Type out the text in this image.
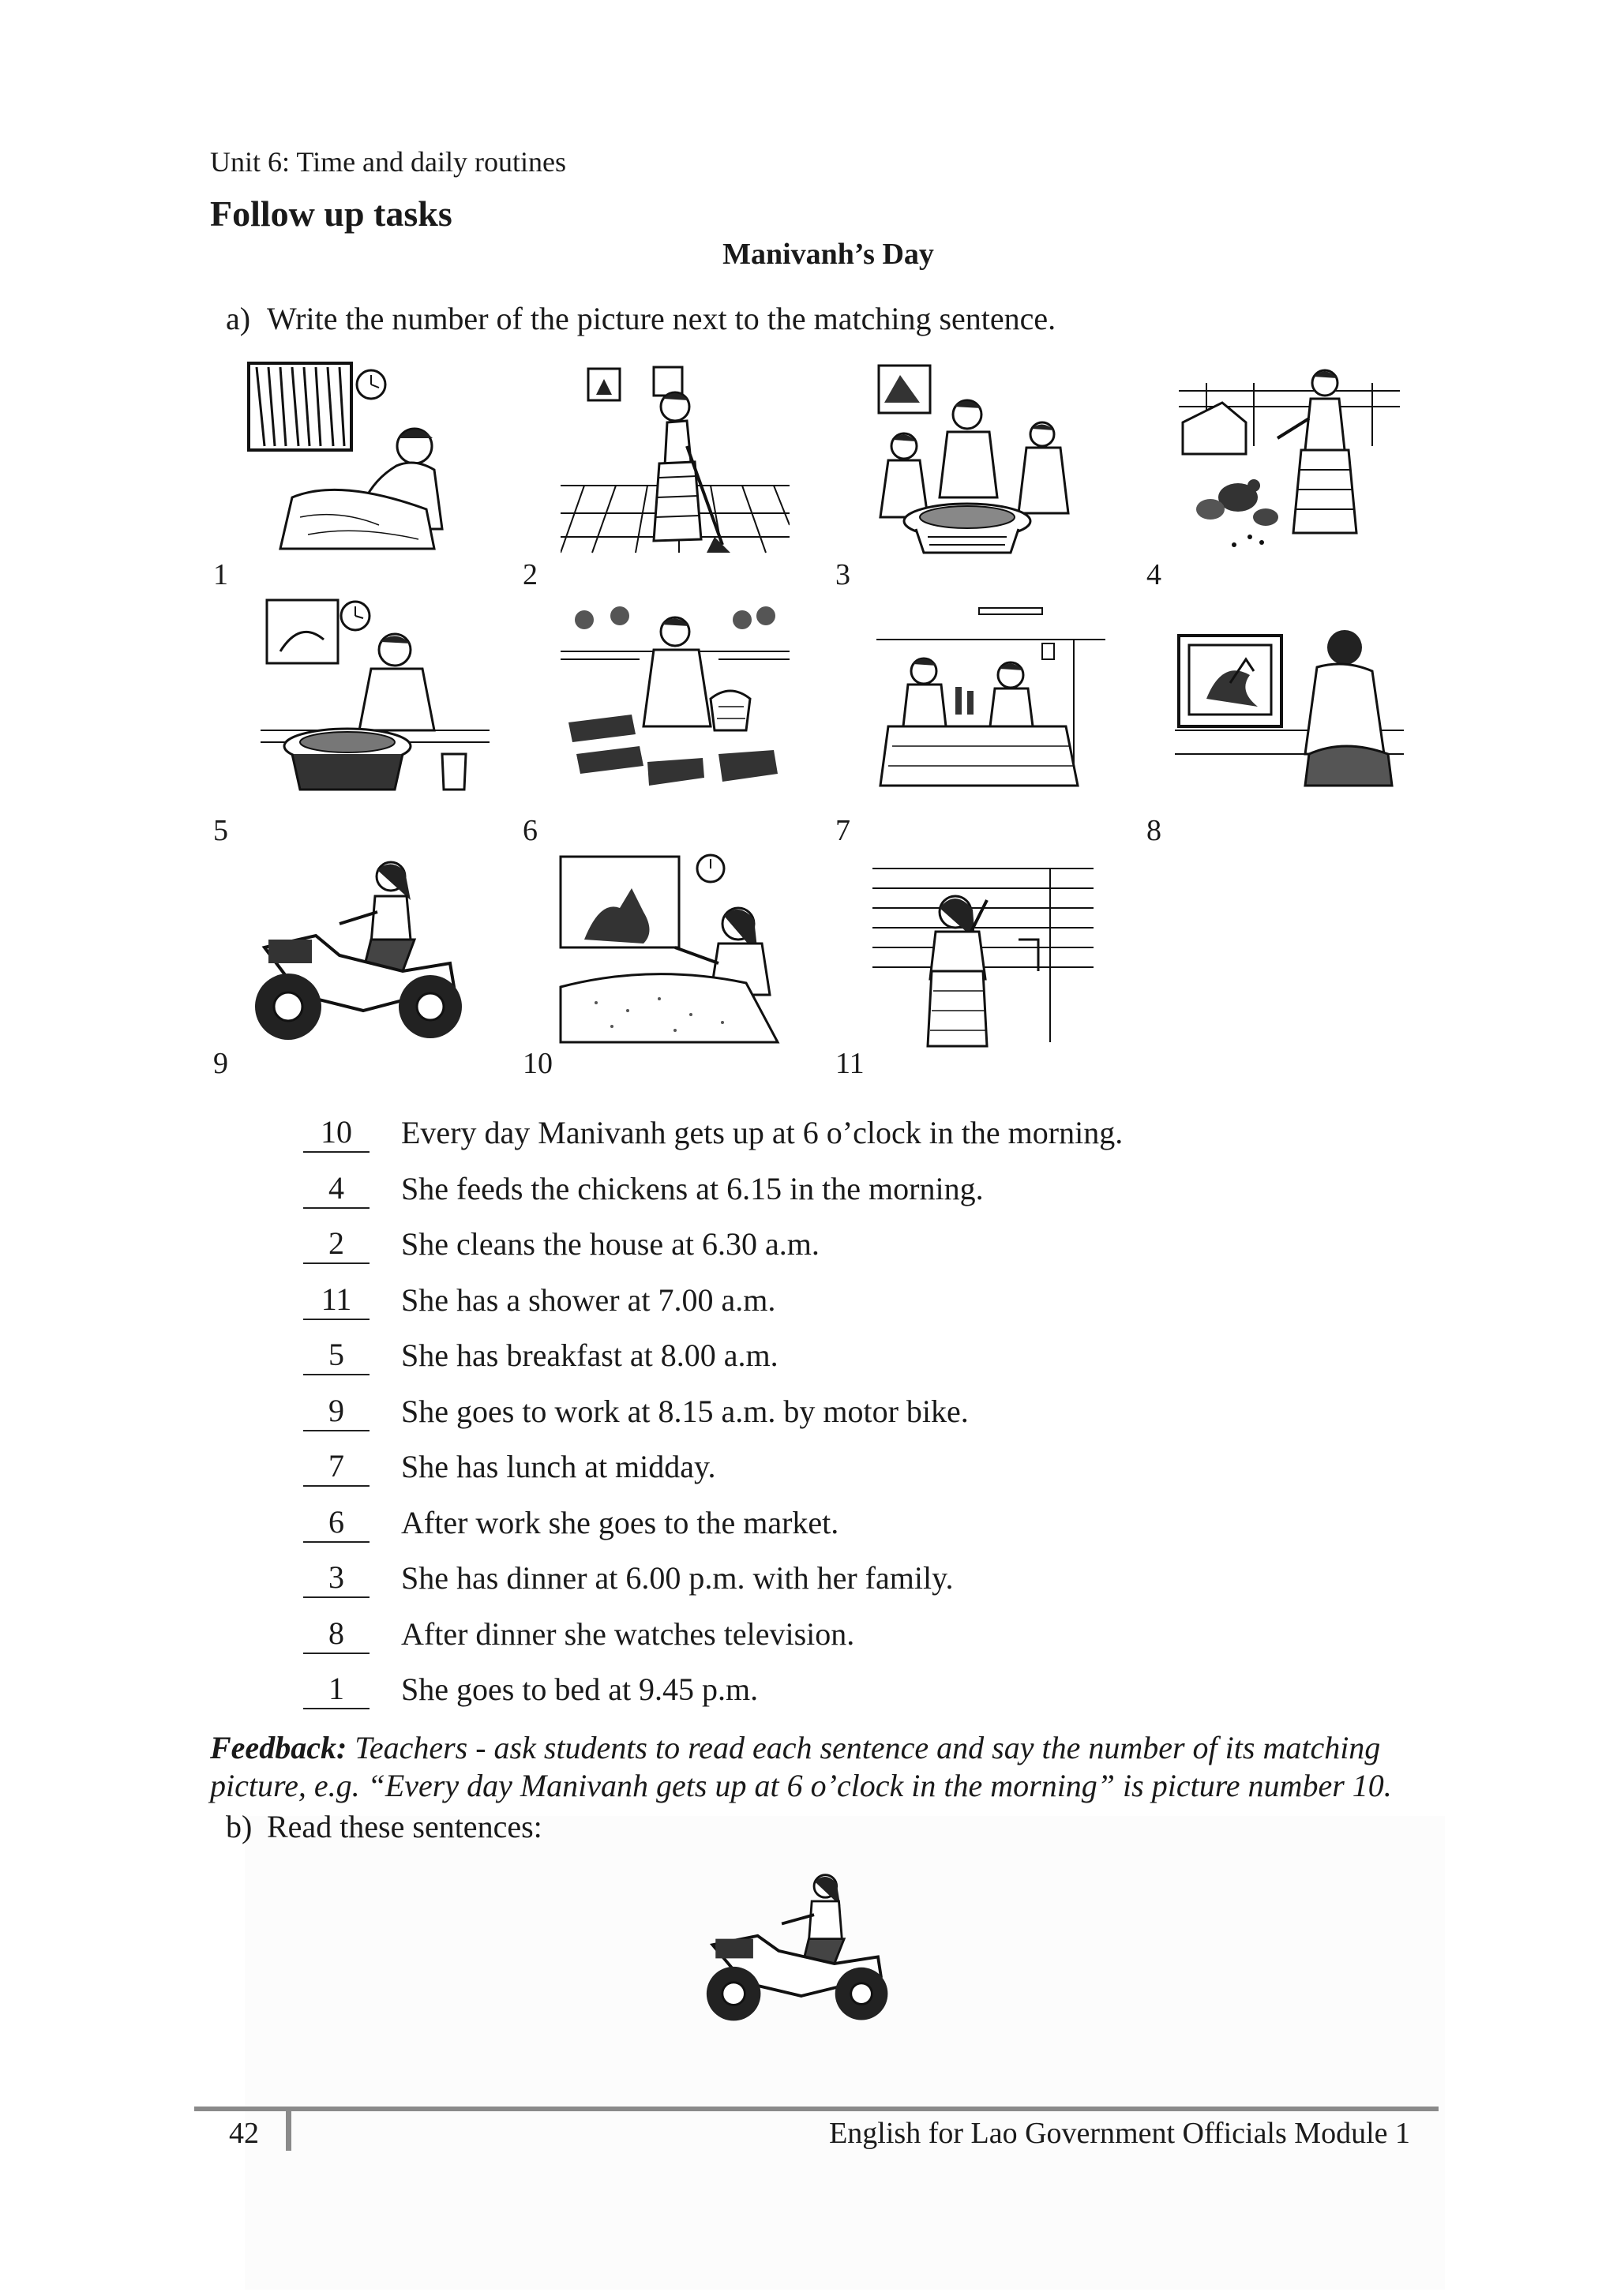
Unit 6: Time and daily routines
Follow up tasks
Manivanh’s Day
a) Write the number of the picture next to the matching sentence.
1	2	3	4
5	6	7	8
9	10	11
10	Every day Manivanh gets up at 6 o’clock in the morning.
4	She feeds the chickens at 6.15 in the morning.
2	She cleans the house at 6.30 a.m.
11	She has a shower at 7.00 a.m.
5	She has breakfast at 8.00 a.m.
9	She goes to work at 8.15 a.m. by motor bike.
7	She has lunch at midday.
6	After work she goes to the market.
3	She has dinner at 6.00 p.m. with her family.
8	After dinner she watches television.
1	She goes to bed at 9.45 p.m.
Feedback: Teachers - ask students to read each sentence and say the number of its matching picture, e.g. “Every day Manivanh gets up at 6 o’clock in the morning” is picture number 10.
b) Read these sentences:
42	English for Lao Government Officials Module 1
